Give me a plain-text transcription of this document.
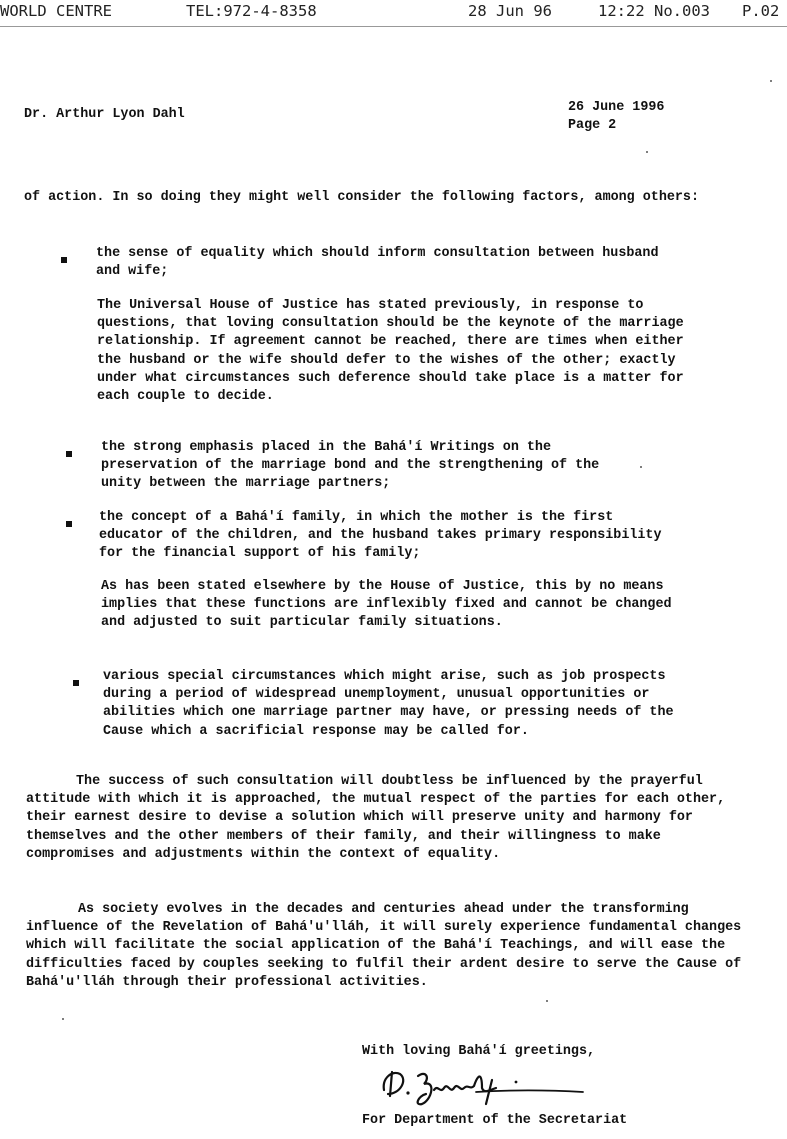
WORLD CENTRE	TEL:972-4-8358	28 Jun 96	12:22 No.003 P.02
Dr. Arthur Lyon Dahl	26 June 1996
Page 2

of action. In so doing they might well consider the following factors, among others:

the sense of equality which should inform consultation between husband and wife;

The Universal House of Justice has stated previously, in response to questions, that loving consultation should be the keynote of the marriage relationship. If agreement cannot be reached, there are times when either the husband or the wife should defer to the wishes of the other; exactly under what circumstances such deference should take place is a matter for each couple to decide.

the strong emphasis placed in the Bahá'í Writings on the preservation of the marriage bond and the strengthening of the unity between the marriage partners;

the concept of a Bahá'í family, in which the mother is the first educator of the children, and the husband takes primary responsibility for the financial support of his family;

As has been stated elsewhere by the House of Justice, this by no means implies that these functions are inflexibly fixed and cannot be changed and adjusted to suit particular family situations.

various special circumstances which might arise, such as job prospects during a period of widespread unemployment, unusual opportunities or abilities which one marriage partner may have, or pressing needs of the Cause which a sacrificial response may be called for.

The success of such consultation will doubtless be influenced by the prayerful attitude with which it is approached, the mutual respect of the parties for each other, their earnest desire to devise a solution which will preserve unity and harmony for themselves and the other members of their family, and their willingness to make compromises and adjustments within the context of equality.

As society evolves in the decades and centuries ahead under the transforming influence of the Revelation of Bahá'u'lláh, it will surely experience fundamental changes which will facilitate the social application of the Bahá'í Teachings, and will ease the difficulties faced by couples seeking to fulfil their ardent desire to serve the Cause of Bahá'u'lláh through their professional activities.

With loving Bahá'í greetings,
For Department of the Secretariat
